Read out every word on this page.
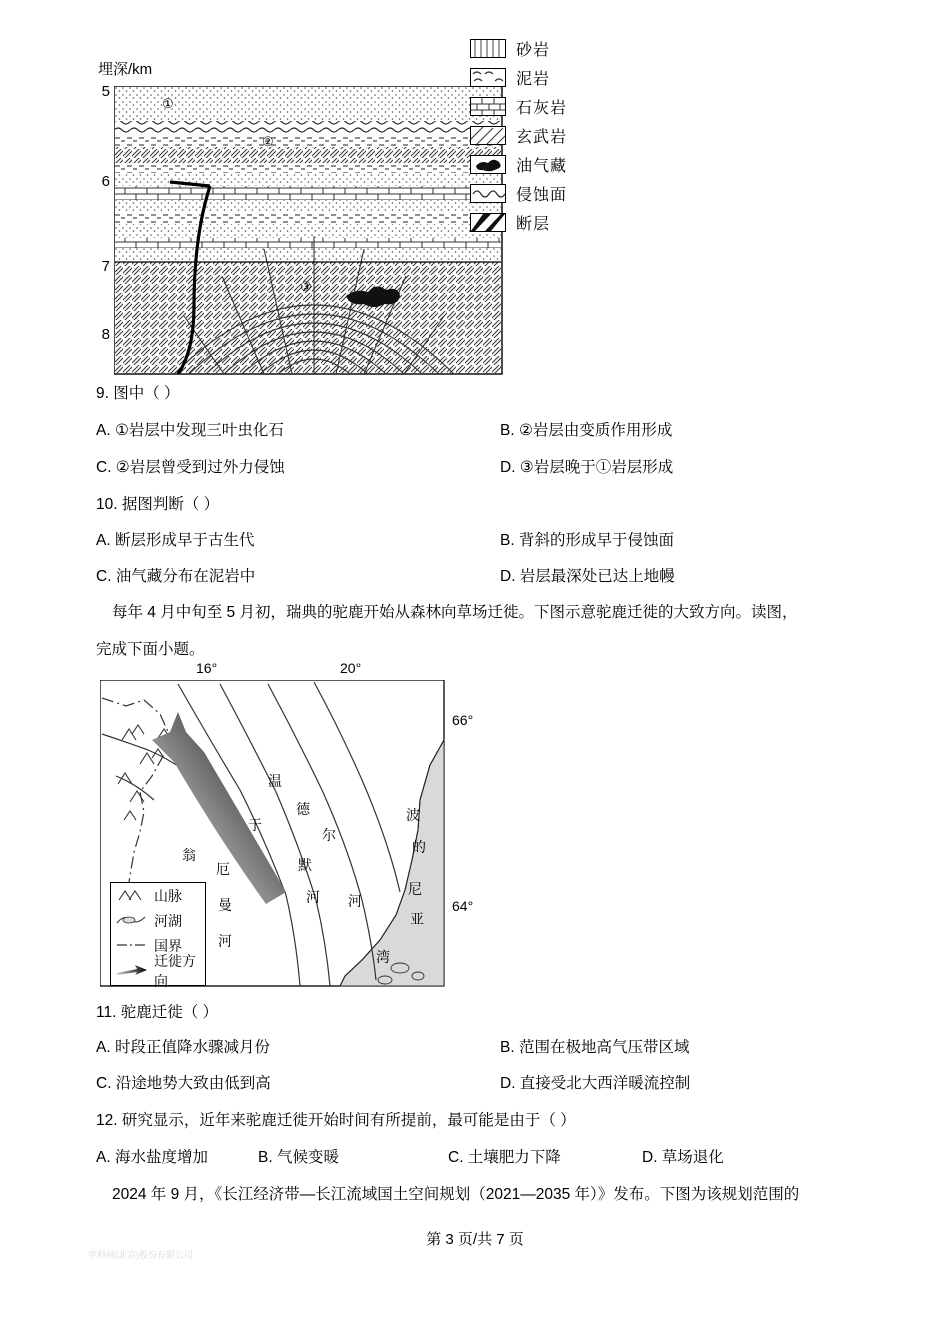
埋深/km
5
6
7
8
①
②
③
砂岩
泥岩
石灰岩
玄武岩
油气藏
侵蚀面
断层
9. 图中（ ）
A. ①岩层中发现三叶虫化石	B. ②岩层由变质作用形成
C. ②岩层曾受到过外力侵蚀	D. ③岩层晚于①岩层形成
10. 据图判断（ ）
A. 断层形成早于古生代	B. 背斜的形成早于侵蚀面
C. 油气藏分布在泥岩中	D. 岩层最深处已达上地幔
每年 4 月中旬至 5 月初，瑞典的驼鹿开始从森林向草场迁徙。下图示意驼鹿迁徙的大致方向。读图，
完成下面小题。
16°	20°
66°
64°
温
德
尔
默
河 河
于
厄
曼
河
翁
波
的
尼
亚
湾
山脉
河湖
国界
迁徙方向
11. 驼鹿迁徙（ ）
A. 时段正值降水骤减月份	B. 范围在极地高气压带区域
C. 沿途地势大致由低到高	D. 直接受北大西洋暖流控制
12. 研究显示，近年来驼鹿迁徙开始时间有所提前，最可能是由于（ ）
A. 海水盐度增加	B. 气候变暖	C. 土壤肥力下降	D. 草场退化
2024 年 9 月，《长江经济带—长江流域国土空间规划（2021—2035 年）》发布。下图为该规划范围的
第 3 页/共 7 页
学科网(北京)股份有限公司
